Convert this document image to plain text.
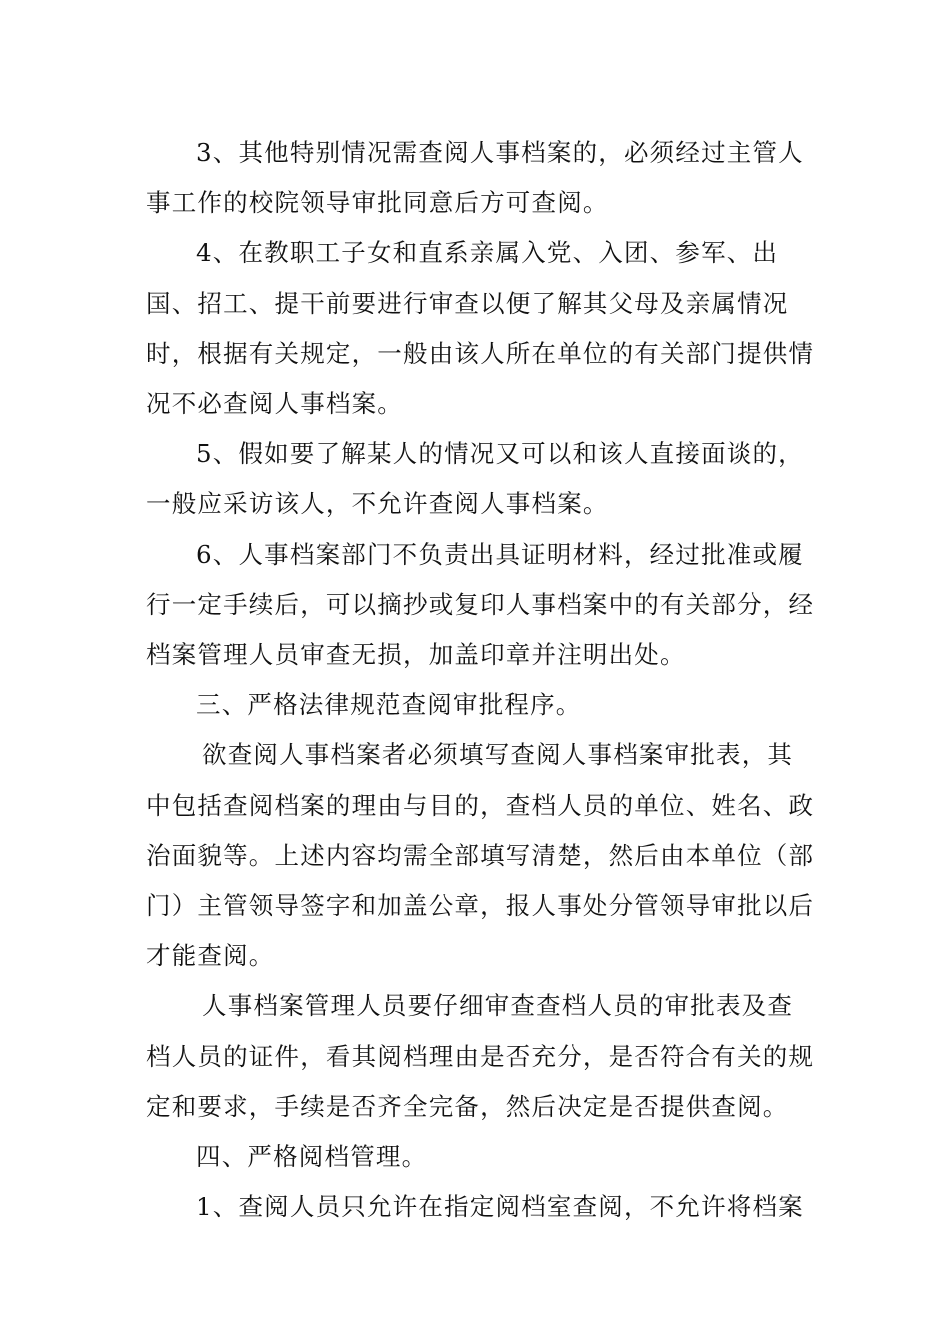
3、其他特别情况需查阅人事档案的，必须经过主管人事工作的校院领导审批同意后方可查阅。

4、在教职工子女和直系亲属入党、入团、参军、出国、招工、提干前要进行审查以便了解其父母及亲属情况时，根据有关规定，一般由该人所在单位的有关部门提供情况不必查阅人事档案。

5、假如要了解某人的情况又可以和该人直接面谈的，一般应采访该人，不允许查阅人事档案。

6、人事档案部门不负责出具证明材料，经过批准或履行一定手续后，可以摘抄或复印人事档案中的有关部分，经档案管理人员审查无损，加盖印章并注明出处。

三、严格法律规范查阅审批程序。

欲查阅人事档案者必须填写查阅人事档案审批表，其中包括查阅档案的理由与目的，查档人员的单位、姓名、政治面貌等。上述内容均需全部填写清楚，然后由本单位（部门）主管领导签字和加盖公章，报人事处分管领导审批以后才能查阅。

人事档案管理人员要仔细审查查档人员的审批表及查档人员的证件，看其阅档理由是否充分，是否符合有关的规定和要求，手续是否齐全完备，然后决定是否提供查阅。

四、严格阅档管理。

1、查阅人员只允许在指定阅档室查阅，不允许将档案
